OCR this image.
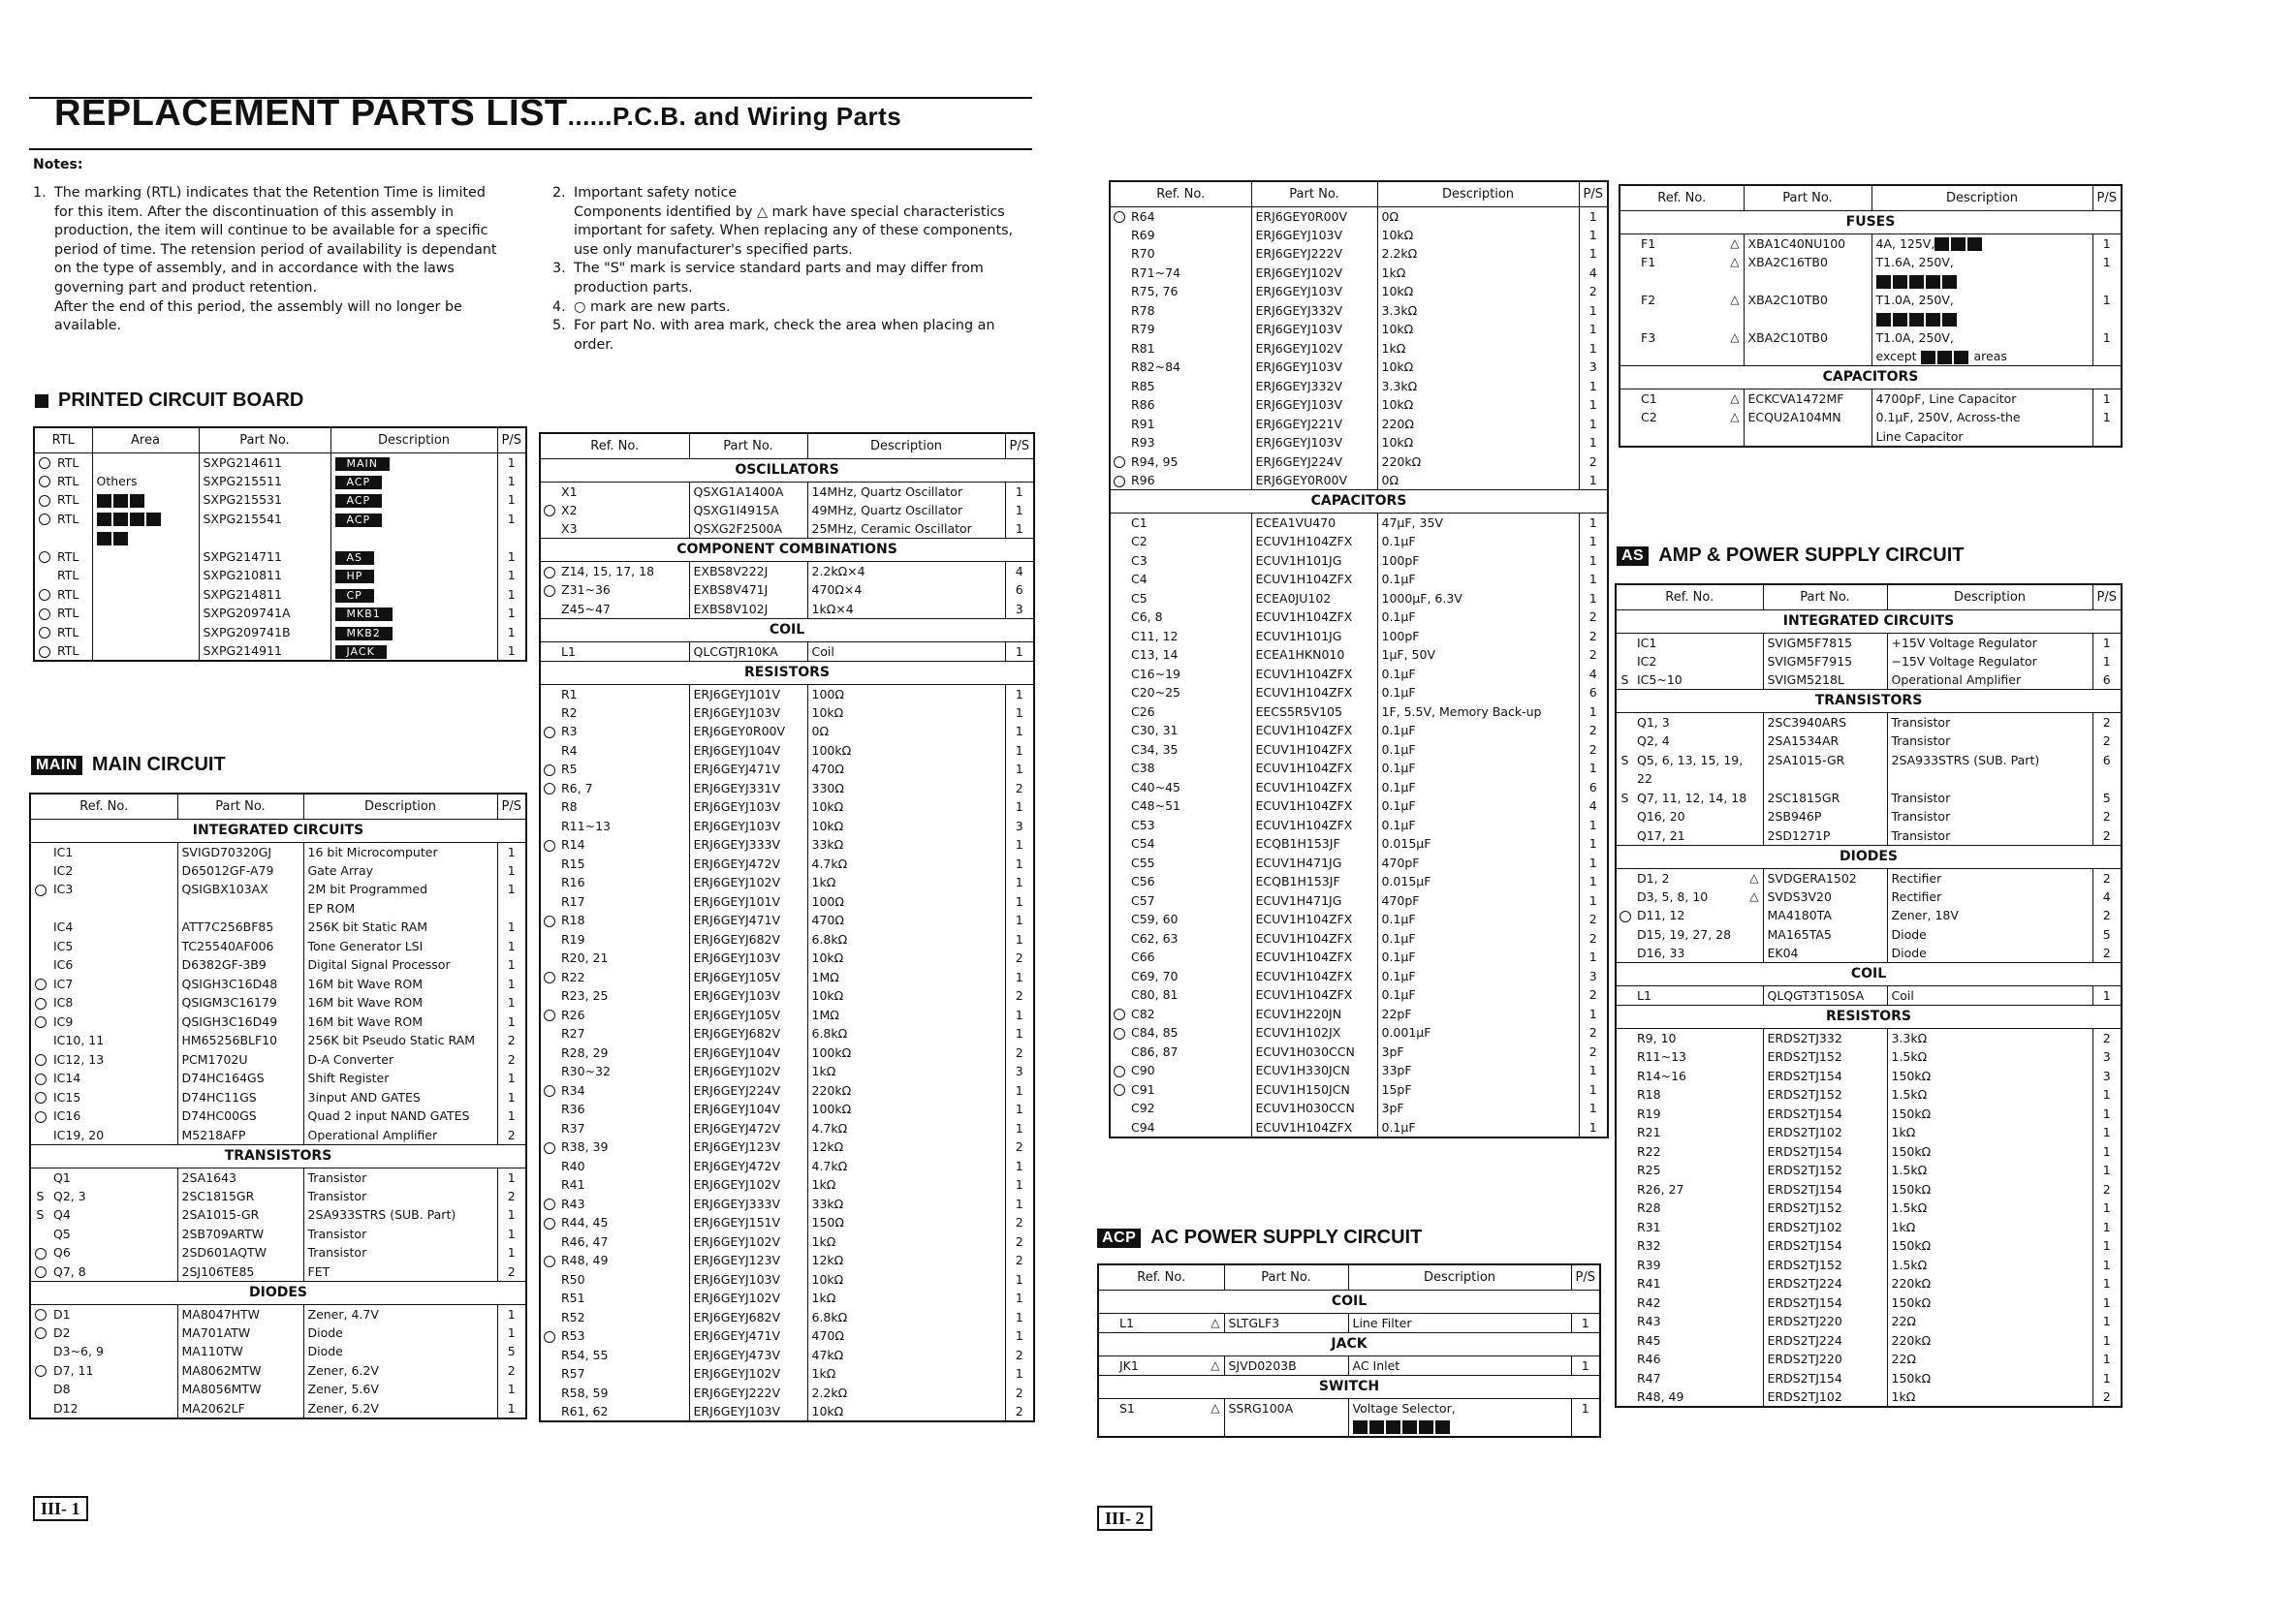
REPLACEMENT PARTS LIST......P.C.B. and Wiring Parts
Notes:
1. The marking (RTL) indicates that the Retention Time is limited for this item. After the discontinuation of this assembly in production, the item will continue to be available for a specific period of time. The retension period of availability is dependant on the type of assembly, and in accordance with the laws governing part and product retention.
After the end of this period, the assembly will no longer be available.
2. Important safety notice
Components identified by △ mark have special characteristics important for safety. When replacing any of these components, use only manufacturer's specified parts.
3. The "S" mark is service standard parts and may differ from production parts.
4. ○ mark are new parts.
5. For part No. with area mark, check the area when placing an order.
PRINTED CIRCUIT BOARD
RTL		Area	Part No.	Description	P/S
	RTL		SXPG214611	MAIN	1
	RTL	Others	SXPG215511	ACP	1
	RTL		SXPG215531	ACP	1
	RTL		SXPG215541	ACP	1

	RTL		SXPG214711	AS	1
	RTL		SXPG210811	HP	1
	RTL		SXPG214811	CP	1
	RTL		SXPG209741A	MKB1	1
	RTL		SXPG209741B	MKB2	1
	RTL		SXPG214911	JACK	1
MAIN MAIN CIRCUIT
Ref. No.		Part No.	Description	P/S
INTEGRATED CIRCUITS				
	IC1	SVIGD70320GJ	16 bit Microcomputer	1
	IC2	D65012GF-A79	Gate Array	1
	IC3	QSIGBX103AX	2M bit Programmed	1
			EP ROM	
	IC4	ATT7C256BF85	256K bit Static RAM	1
	IC5	TC25540AF006	Tone Generator LSI	1
	IC6	D6382GF-3B9	Digital Signal Processor	1
	IC7	QSIGH3C16D48	16M bit Wave ROM	1
	IC8	QSIGM3C16179	16M bit Wave ROM	1
	IC9	QSIGH3C16D49	16M bit Wave ROM	1
	IC10, 11	HM65256BLF10	256K bit Pseudo Static RAM	2
	IC12, 13	PCM1702U	D-A Converter	2
	IC14	D74HC164GS	Shift Register	1
	IC15	D74HC11GS	3input AND GATES	1
	IC16	D74HC00GS	Quad 2 input NAND GATES	1
	IC19, 20	M5218AFP	Operational Amplifier	2
TRANSISTORS				
	Q1	2SA1643	Transistor	1
S	Q2, 3	2SC1815GR	Transistor	2
S	Q4	2SA1015-GR	2SA933STRS (SUB. Part)	1
	Q5	2SB709ARTW	Transistor	1
	Q6	2SD601AQTW	Transistor	1
	Q7, 8	2SJ106TE85	FET	2
DIODES				
	D1	MA8047HTW	Zener, 4.7V	1
	D2	MA701ATW	Diode	1
	D3~6, 9	MA110TW	Diode	5
	D7, 11	MA8062MTW	Zener, 6.2V	2
	D8	MA8056MTW	Zener, 5.6V	1
	D12	MA2062LF	Zener, 6.2V	1
Ref. No.		Part No.	Description	P/S
OSCILLATORS				
	X1	QSXG1A1400A	14MHz, Quartz Oscillator	1
	X2	QSXG1I4915A	49MHz, Quartz Oscillator	1
	X3	QSXG2F2500A	25MHz, Ceramic Oscillator	1
COMPONENT COMBINATIONS				
	Z14, 15, 17, 18	EXBS8V222J	2.2kΩ×4	4
	Z31~36	EXBS8V471J	470Ω×4	6
	Z45~47	EXBS8V102J	1kΩ×4	3
COIL				
	L1	QLCGTJR10KA	Coil	1
RESISTORS				
	R1	ERJ6GEYJ101V	100Ω	1
	R2	ERJ6GEYJ103V	10kΩ	1
	R3	ERJ6GEY0R00V	0Ω	1
	R4	ERJ6GEYJ104V	100kΩ	1
	R5	ERJ6GEYJ471V	470Ω	1
	R6, 7	ERJ6GEYJ331V	330Ω	2
	R8	ERJ6GEYJ103V	10kΩ	1
	R11~13	ERJ6GEYJ103V	10kΩ	3
	R14	ERJ6GEYJ333V	33kΩ	1
	R15	ERJ6GEYJ472V	4.7kΩ	1
	R16	ERJ6GEYJ102V	1kΩ	1
	R17	ERJ6GEYJ101V	100Ω	1
	R18	ERJ6GEYJ471V	470Ω	1
	R19	ERJ6GEYJ682V	6.8kΩ	1
	R20, 21	ERJ6GEYJ103V	10kΩ	2
	R22	ERJ6GEYJ105V	1MΩ	1
	R23, 25	ERJ6GEYJ103V	10kΩ	2
	R26	ERJ6GEYJ105V	1MΩ	1
	R27	ERJ6GEYJ682V	6.8kΩ	1
	R28, 29	ERJ6GEYJ104V	100kΩ	2
	R30~32	ERJ6GEYJ102V	1kΩ	3
	R34	ERJ6GEYJ224V	220kΩ	1
	R36	ERJ6GEYJ104V	100kΩ	1
	R37	ERJ6GEYJ472V	4.7kΩ	1
	R38, 39	ERJ6GEYJ123V	12kΩ	2
	R40	ERJ6GEYJ472V	4.7kΩ	1
	R41	ERJ6GEYJ102V	1kΩ	1
	R43	ERJ6GEYJ333V	33kΩ	1
	R44, 45	ERJ6GEYJ151V	150Ω	2
	R46, 47	ERJ6GEYJ102V	1kΩ	2
	R48, 49	ERJ6GEYJ123V	12kΩ	2
	R50	ERJ6GEYJ103V	10kΩ	1
	R51	ERJ6GEYJ102V	1kΩ	1
	R52	ERJ6GEYJ682V	6.8kΩ	1
	R53	ERJ6GEYJ471V	470Ω	1
	R54, 55	ERJ6GEYJ473V	47kΩ	2
	R57	ERJ6GEYJ102V	1kΩ	1
	R58, 59	ERJ6GEYJ222V	2.2kΩ	2
	R61, 62	ERJ6GEYJ103V	10kΩ	2
Ref. No.		Part No.	Description	P/S
	R64	ERJ6GEY0R00V	0Ω	1
	R69	ERJ6GEYJ103V	10kΩ	1
	R70	ERJ6GEYJ222V	2.2kΩ	1
	R71~74	ERJ6GEYJ102V	1kΩ	4
	R75, 76	ERJ6GEYJ103V	10kΩ	2
	R78	ERJ6GEYJ332V	3.3kΩ	1
	R79	ERJ6GEYJ103V	10kΩ	1
	R81	ERJ6GEYJ102V	1kΩ	1
	R82~84	ERJ6GEYJ103V	10kΩ	3
	R85	ERJ6GEYJ332V	3.3kΩ	1
	R86	ERJ6GEYJ103V	10kΩ	1
	R91	ERJ6GEYJ221V	220Ω	1
	R93	ERJ6GEYJ103V	10kΩ	1
	R94, 95	ERJ6GEYJ224V	220kΩ	2
	R96	ERJ6GEY0R00V	0Ω	1
CAPACITORS				
	C1	ECEA1VU470	47μF, 35V	1
	C2	ECUV1H104ZFX	0.1μF	1
	C3	ECUV1H101JG	100pF	1
	C4	ECUV1H104ZFX	0.1μF	1
	C5	ECEA0JU102	1000μF, 6.3V	1
	C6, 8	ECUV1H104ZFX	0.1μF	2
	C11, 12	ECUV1H101JG	100pF	2
	C13, 14	ECEA1HKN010	1μF, 50V	2
	C16~19	ECUV1H104ZFX	0.1μF	4
	C20~25	ECUV1H104ZFX	0.1μF	6
	C26	EECS5R5V105	1F, 5.5V, Memory Back-up	1
	C30, 31	ECUV1H104ZFX	0.1μF	2
	C34, 35	ECUV1H104ZFX	0.1μF	2
	C38	ECUV1H104ZFX	0.1μF	1
	C40~45	ECUV1H104ZFX	0.1μF	6
	C48~51	ECUV1H104ZFX	0.1μF	4
	C53	ECUV1H104ZFX	0.1μF	1
	C54	ECQB1H153JF	0.015μF	1
	C55	ECUV1H471JG	470pF	1
	C56	ECQB1H153JF	0.015μF	1
	C57	ECUV1H471JG	470pF	1
	C59, 60	ECUV1H104ZFX	0.1μF	2
	C62, 63	ECUV1H104ZFX	0.1μF	2
	C66	ECUV1H104ZFX	0.1μF	1
	C69, 70	ECUV1H104ZFX	0.1μF	3
	C80, 81	ECUV1H104ZFX	0.1μF	2
	C82	ECUV1H220JN	22pF	1
	C84, 85	ECUV1H102JX	0.001μF	2
	C86, 87	ECUV1H030CCN	3pF	2
	C90	ECUV1H330JCN	33pF	1
	C91	ECUV1H150JCN	15pF	1
	C92	ECUV1H030CCN	3pF	1
	C94	ECUV1H104ZFX	0.1μF	1
ACP AC POWER SUPPLY CIRCUIT
Ref. No.		Part No.	Description	P/S
COIL				
	L1 △	SLTGLF3	Line Filter	1
JACK				
	JK1 △	SJVD0203B	AC Inlet	1
SWITCH				
	S1 △	SSRG100A	Voltage Selector,	1

Ref. No.		Part No.	Description	P/S
FUSES				
	F1 △	XBA1C40NU100	4A, 125V,	1
	F1 △	XBA2C16TB0	T1.6A, 250V,	1

	F2 △	XBA2C10TB0	T1.0A, 250V,	1

	F3 △	XBA2C10TB0	T1.0A, 250V,	1
			except areas	
CAPACITORS				
	C1 △	ECKCVA1472MF	4700pF, Line Capacitor	1
	C2 △	ECQU2A104MN	0.1μF, 250V, Across-the	1
			Line Capacitor	
AS AMP & POWER SUPPLY CIRCUIT
Ref. No.		Part No.	Description	P/S
INTEGRATED CIRCUITS				
	IC1	SVIGM5F7815	+15V Voltage Regulator	1
	IC2	SVIGM5F7915	−15V Voltage Regulator	1
S	IC5~10	SVIGM5218L	Operational Amplifier	6
TRANSISTORS				
	Q1, 3	2SC3940ARS	Transistor	2
	Q2, 4	2SA1534AR	Transistor	2
S	Q5, 6, 13, 15, 19,	2SA1015-GR	2SA933STRS (SUB. Part)	6
	22			
S	Q7, 11, 12, 14, 18	2SC1815GR	Transistor	5
	Q16, 20	2SB946P	Transistor	2
	Q17, 21	2SD1271P	Transistor	2
DIODES				
	D1, 2 △	SVDGERA1502	Rectifier	2
	D3, 5, 8, 10 △	SVDS3V20	Rectifier	4
	D11, 12	MA4180TA	Zener, 18V	2
	D15, 19, 27, 28	MA165TA5	Diode	5
	D16, 33	EK04	Diode	2
COIL				
	L1	QLQGT3T150SA	Coil	1
RESISTORS				
	R9, 10	ERDS2TJ332	3.3kΩ	2
	R11~13	ERDS2TJ152	1.5kΩ	3
	R14~16	ERDS2TJ154	150kΩ	3
	R18	ERDS2TJ152	1.5kΩ	1
	R19	ERDS2TJ154	150kΩ	1
	R21	ERDS2TJ102	1kΩ	1
	R22	ERDS2TJ154	150kΩ	1
	R25	ERDS2TJ152	1.5kΩ	1
	R26, 27	ERDS2TJ154	150kΩ	2
	R28	ERDS2TJ152	1.5kΩ	1
	R31	ERDS2TJ102	1kΩ	1
	R32	ERDS2TJ154	150kΩ	1
	R39	ERDS2TJ152	1.5kΩ	1
	R41	ERDS2TJ224	220kΩ	1
	R42	ERDS2TJ154	150kΩ	1
	R43	ERDS2TJ220	22Ω	1
	R45	ERDS2TJ224	220kΩ	1
	R46	ERDS2TJ220	22Ω	1
	R47	ERDS2TJ154	150kΩ	1
	R48, 49	ERDS2TJ102	1kΩ	2
III- 1	III- 2
